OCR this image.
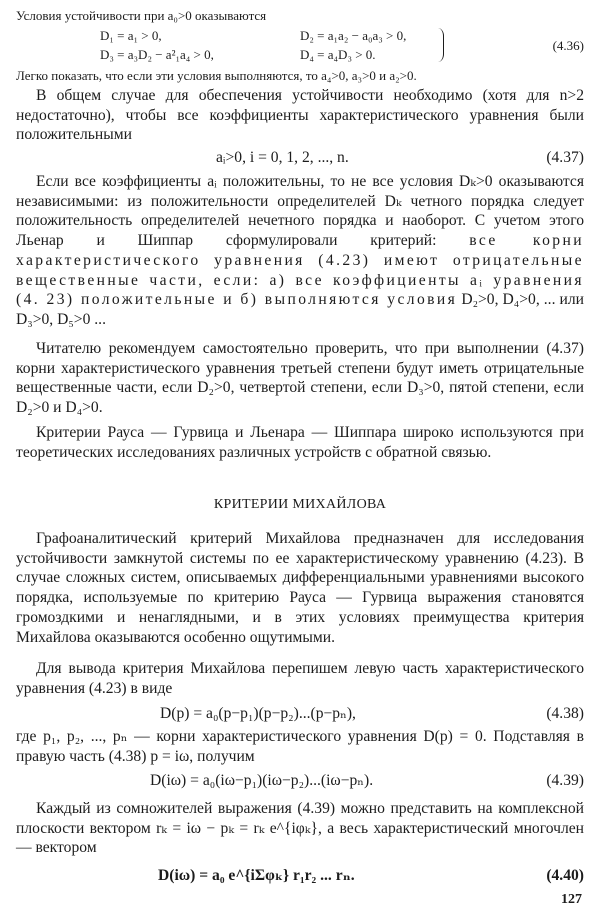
Условия устойчивости при a₀>0 оказываются
D₁ = a₁ > 0,	D₂ = a₁a₂ − a₀a₃ > 0,
D₃ = a₃D₂ − a²₁a₄ > 0,	D₄ = a₄D₃ > 0.
(4.36)
Легко показать, что если эти условия выполняются, то a₄>0, a₃>0 и a₂>0.

В общем случае для обеспечения устойчивости необходимо (хотя для n>2 недостаточно), чтобы все коэффициенты характеристического уравнения были положительными

aᵢ>0, i = 0, 1, 2, ..., n.	(4.37)

Если все коэффициенты aᵢ положительны, то не все условия Dₖ>0 оказываются независимыми: из положительности определителей Dₖ четного порядка следует положительность определителей нечетного порядка и наоборот. С учетом этого Льенар и Шиппар сформулировали критерий: все корни характеристического уравнения (4.23) имеют отрицательные вещественные части, если: а) все коэффициенты aᵢ уравнения (4. 23) положительные и б) выполняются условия D₂>0, D₄>0, ... или D₃>0, D₅>0 ...

Читателю рекомендуем самостоятельно проверить, что при выполнении (4.37) корни характеристического уравнения третьей степени будут иметь отрицательные вещественные части, если D₂>0, четвертой степени, если D₃>0, пятой степени, если D₂>0 и D₄>0.

Критерии Рауса — Гурвица и Льенара — Шиппара широко используются при теоретических исследованиях различных устройств с обратной связью.

КРИТЕРИИ МИХАЙЛОВА

Графоаналитический критерий Михайлова предназначен для исследования устойчивости замкнутой системы по ее характеристическому уравнению (4.23). В случае сложных систем, описываемых дифференциальными уравнениями высокого порядка, используемые по критерию Рауса — Гурвица выражения становятся громоздкими и ненаглядными, и в этих условиях преимущества критерия Михайлова оказываются особенно ощутимыми.

Для вывода критерия Михайлова перепишем левую часть характеристического уравнения (4.23) в виде

D(p) = a₀(p−p₁)(p−p₂)...(p−pₙ),	(4.38)

где p₁, p₂, ..., pₙ — корни характеристического уравнения D(p) = 0. Подставляя в правую часть (4.38) p = iω, получим

D(iω) = a₀(iω−p₁)(iω−p₂)...(iω−pₙ).	(4.39)

Каждый из сомножителей выражения (4.39) можно представить на комплексной плоскости вектором rₖ = iω − pₖ = rₖ e^{iφₖ}, а весь характеристический многочлен — вектором

D(iω) = a₀ e^{iΣφₖ} r₁r₂ ... rₙ.	(4.40)
127
